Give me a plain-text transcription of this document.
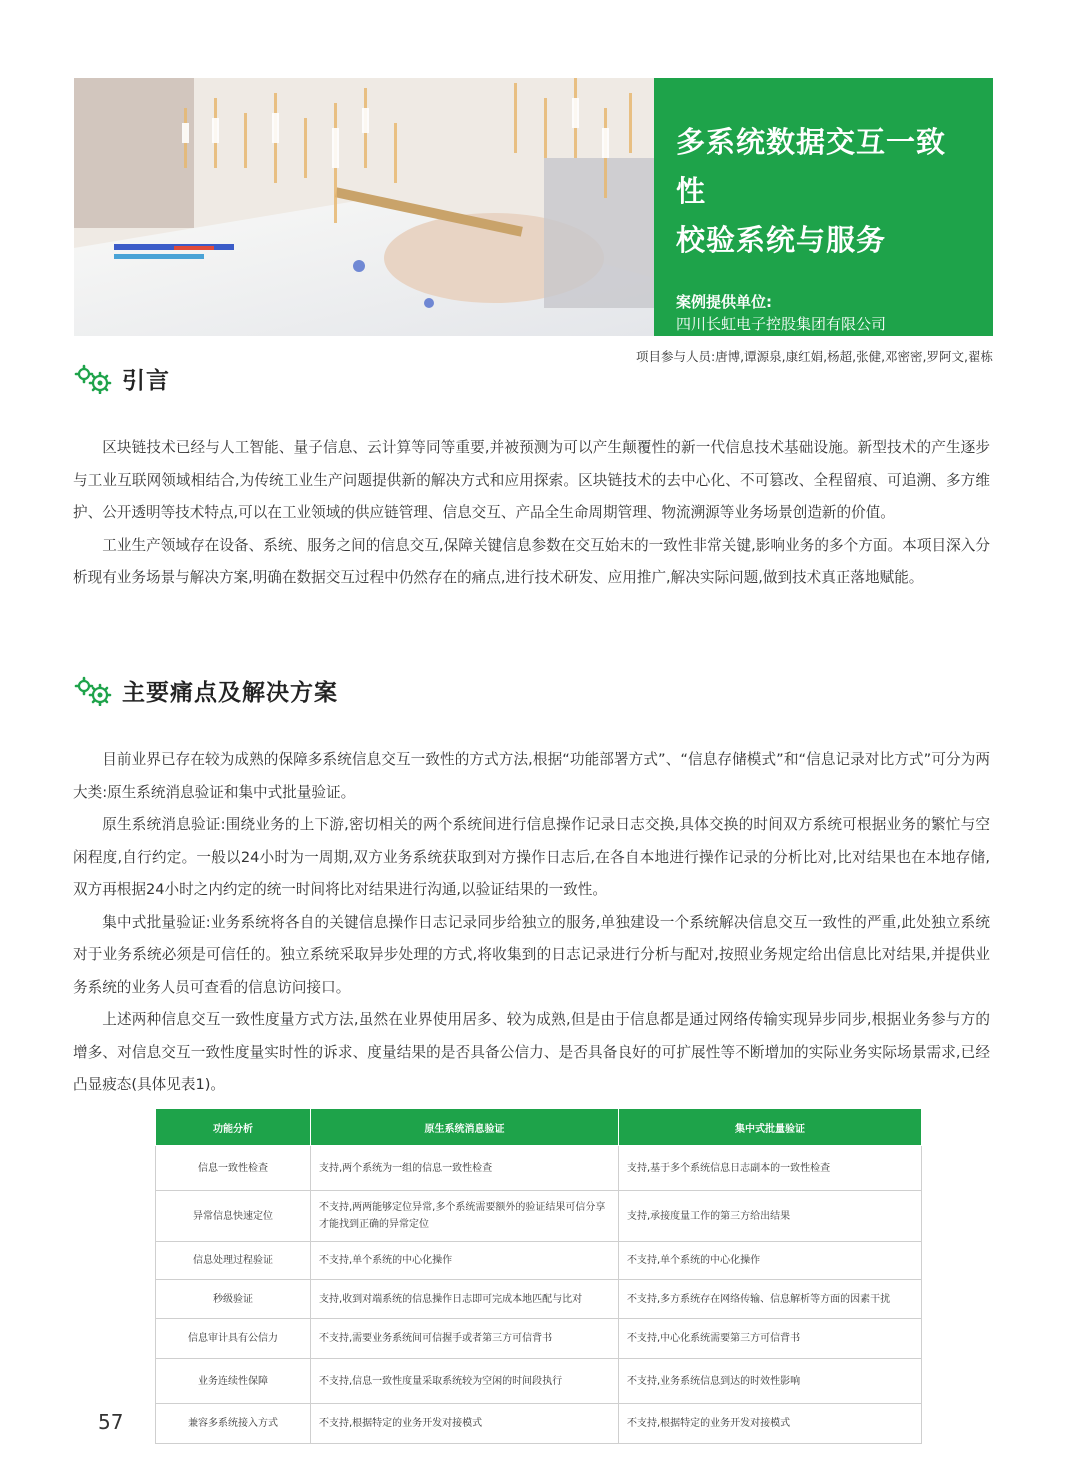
多系统数据交互一致性
校验系统与服务
案例提供单位:
四川长虹电子控股集团有限公司
项目参与人员:唐博,谭源泉,康红娟,杨超,张健,邓密密,罗阿文,翟栋
引言

区块链技术已经与人工智能、量子信息、云计算等同等重要,并被预测为可以产生颠覆性的新一代信息技术基础设施。新型技术的产生逐步与工业互联网领域相结合,为传统工业生产问题提供新的解决方式和应用探索。区块链技术的去中心化、不可篡改、全程留痕、可追溯、多方维护、公开透明等技术特点,可以在工业领域的供应链管理、信息交互、产品全生命周期管理、物流溯源等业务场景创造新的价值。

工业生产领域存在设备、系统、服务之间的信息交互,保障关键信息参数在交互始末的一致性非常关键,影响业务的多个方面。本项目深入分析现有业务场景与解决方案,明确在数据交互过程中仍然存在的痛点,进行技术研发、应用推广,解决实际问题,做到技术真正落地赋能。

主要痛点及解决方案

目前业界已存在较为成熟的保障多系统信息交互一致性的方式方法,根据“功能部署方式”、“信息存储模式”和“信息记录对比方式”可分为两大类:原生系统消息验证和集中式批量验证。

原生系统消息验证:围绕业务的上下游,密切相关的两个系统间进行信息操作记录日志交换,具体交换的时间双方系统可根据业务的繁忙与空闲程度,自行约定。一般以24小时为一周期,双方业务系统获取到对方操作日志后,在各自本地进行操作记录的分析比对,比对结果也在本地存储,双方再根据24小时之内约定的统一时间将比对结果进行沟通,以验证结果的一致性。

集中式批量验证:业务系统将各自的关键信息操作日志记录同步给独立的服务,单独建设一个系统解决信息交互一致性的严重,此处独立系统对于业务系统必须是可信任的。独立系统采取异步处理的方式,将收集到的日志记录进行分析与配对,按照业务规定给出信息比对结果,并提供业务系统的业务人员可查看的信息访问接口。

上述两种信息交互一致性度量方式方法,虽然在业界使用居多、较为成熟,但是由于信息都是通过网络传输实现异步同步,根据业务参与方的增多、对信息交互一致性度量实时性的诉求、度量结果的是否具备公信力、是否具备良好的可扩展性等不断增加的实际业务实际场景需求,已经凸显疲态(具体见表1)。

功能分析	原生系统消息验证	集中式批量验证
信息一致性检查	支持,两个系统为一组的信息一致性检查	支持,基于多个系统信息日志副本的一致性检查
异常信息快速定位	不支持,两两能够定位异常,多个系统需要额外的验证结果可信分享才能找到正确的异常定位	支持,承接度量工作的第三方给出结果
信息处理过程验证	不支持,单个系统的中心化操作	不支持,单个系统的中心化操作
秒级验证	支持,收到对端系统的信息操作日志即可完成本地匹配与比对	不支持,多方系统存在网络传输、信息解析等方面的因素干扰
信息审计具有公信力	不支持,需要业务系统间可信握手或者第三方可信背书	不支持,中心化系统需要第三方可信背书
业务连续性保障	不支持,信息一致性度量采取系统较为空闲的时间段执行	不支持,业务系统信息到达的时效性影响
兼容多系统接入方式	不支持,根据特定的业务开发对接模式	不支持,根据特定的业务开发对接模式
57
